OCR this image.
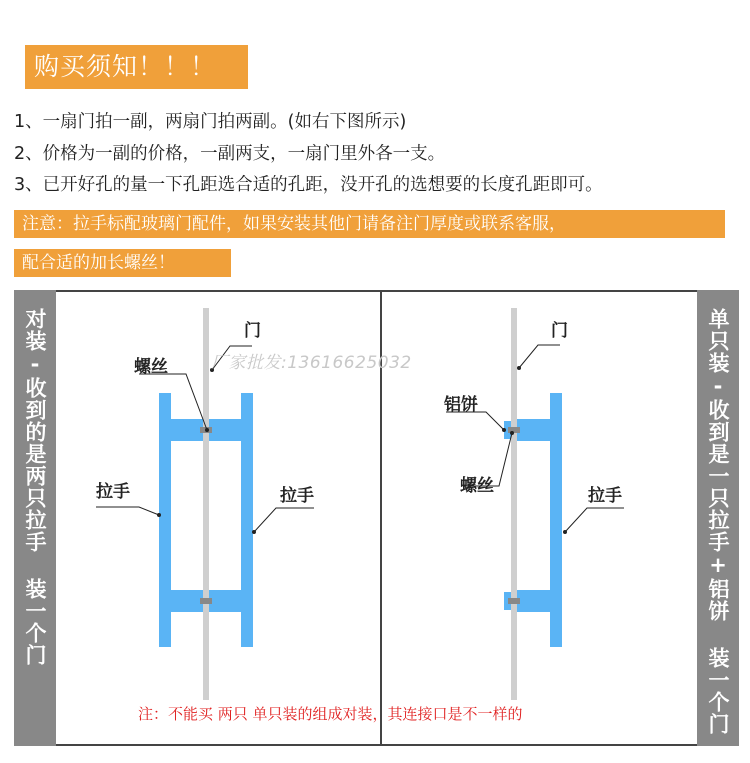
购买须知！！！
1、一扇门拍一副，两扇门拍两副。(如右下图所示)
2、价格为一副的价格，一副两支，一扇门里外各一支。
3、已开好孔的量一下孔距选合适的孔距，没开孔的选想要的长度孔距即可。
注意：拉手标配玻璃门配件，如果安装其他门请备注门厚度或联系客服，
配合适的加长螺丝！
对装-收到的是两只拉手 装一个门	单只装-收到是一只拉手+铝饼 装一个门
门
螺丝
拉手	拉手
门
铝饼
螺丝	拉手
厂家批发:13616625032
注：不能买 两只 单只装的组成对装，其连接口是不一样的
